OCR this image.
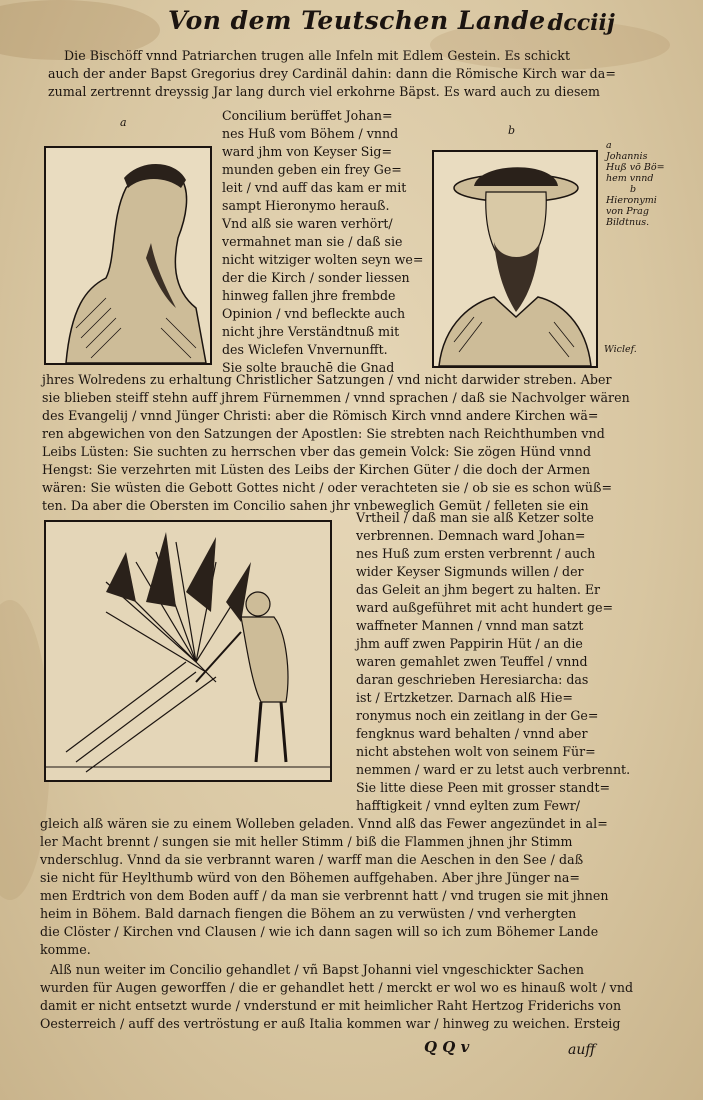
Von dem Teutschen Lande.
dcciij
Die Bischöff vnnd Patriarchen trugen alle Infeln mit Edlem Gestein. Es schickt
auch der ander Bapst Gregorius drey Cardinäl dahin: dann die Römische Kirch war da=
zumal zertrennt dreyssig Jar lang durch viel erkohrne Bäpst. Es ward auch zu diesem
Concilium berüffet Johan=
nes Huß vom Böhem / vnnd
ward jhm von Keyser Sig=
munden geben ein frey Ge=
leit / vnd auff das kam er mit
sampt Hieronymo herauß.
Vnd alß sie waren verhört/
vermahnet man sie / daß sie
nicht witziger wolten seyn we=
der die Kirch / sonder liessen
hinweg fallen jhre frembde
Opinion / vnd befleckte auch
nicht jhre Verständtnuß mit
des Wiclefen Vnvernunfft.
Sie solte brauchē die Gnad
a
b
a
Johannis
Huß vō Bö=
hem vnnd
b
Hieronymi
von Prag
Bildtnus.
Wiclef.
jhres Wolredens zu erhaltung Christlicher Satzungen / vnd nicht darwider streben. Aber
sie blieben steiff stehn auff jhrem Fürnemmen / vnnd sprachen / daß sie Nachvolger wären
des Evangelij / vnnd Jünger Christi: aber die Römisch Kirch vnnd andere Kirchen wä=
ren abgewichen von den Satzungen der Apostlen: Sie strebten nach Reichthumben vnd
Leibs Lüsten: Sie suchten zu herrschen vber das gemein Volck: Sie zögen Hünd vnnd
Hengst: Sie verzehrten mit Lüsten des Leibs der Kirchen Güter / die doch der Armen
wären: Sie wüsten die Gebott Gottes nicht / oder verachteten sie / ob sie es schon wüß=
ten. Da aber die Obersten im Concilio sahen jhr vnbeweglich Gemüt / felleten sie ein
Vrtheil / daß man sie alß Ketzer solte
verbrennen. Demnach ward Johan=
nes Huß zum ersten verbrennt / auch
wider Keyser Sigmunds willen / der
das Geleit an jhm begert zu halten. Er
ward außgeführet mit acht hundert ge=
waffneter Mannen / vnnd man satzt
jhm auff zwen Pappirin Hüt / an die
waren gemahlet zwen Teuffel / vnnd
daran geschrieben Heresiarcha: das
ist / Ertzketzer. Darnach alß Hie=
ronymus noch ein zeitlang in der Ge=
fengknus ward behalten / vnnd aber
nicht abstehen wolt von seinem Für=
nemmen / ward er zu letst auch verbrennt.
Sie litte diese Peen mit grosser standt=
hafftigkeit / vnnd eylten zum Fewr/
gleich alß wären sie zu einem Wolleben geladen. Vnnd alß das Fewer angezündet in al=
ler Macht brennt / sungen sie mit heller Stimm / biß die Flammen jhnen jhr Stimm
vnderschlug. Vnnd da sie verbrannt waren / warff man die Aeschen in den See / daß
sie nicht für Heylthumb würd von den Böhemen auffgehaben. Aber jhre Jünger na=
men Erdtrich von dem Boden auff / da man sie verbrennt hatt / vnd trugen sie mit jhnen
heim in Böhem. Bald darnach fiengen die Böhem an zu verwüsten / vnd verhergten
die Clöster / Kirchen vnd Clausen / wie ich dann sagen will so ich zum Böhemer Lande
komme.
Alß nun weiter im Concilio gehandlet / vñ Bapst Johanni viel vngeschickter Sachen
wurden für Augen geworffen / die er gehandlet hett / merckt er wol wo es hinauß wolt / vnd
damit er nicht entsetzt wurde / vnderstund er mit heimlicher Raht Hertzog Friderichs von
Oesterreich / auff des vertröstung er auß Italia kommen war / hinweg zu weichen. Ersteig
Q Q v	auff
